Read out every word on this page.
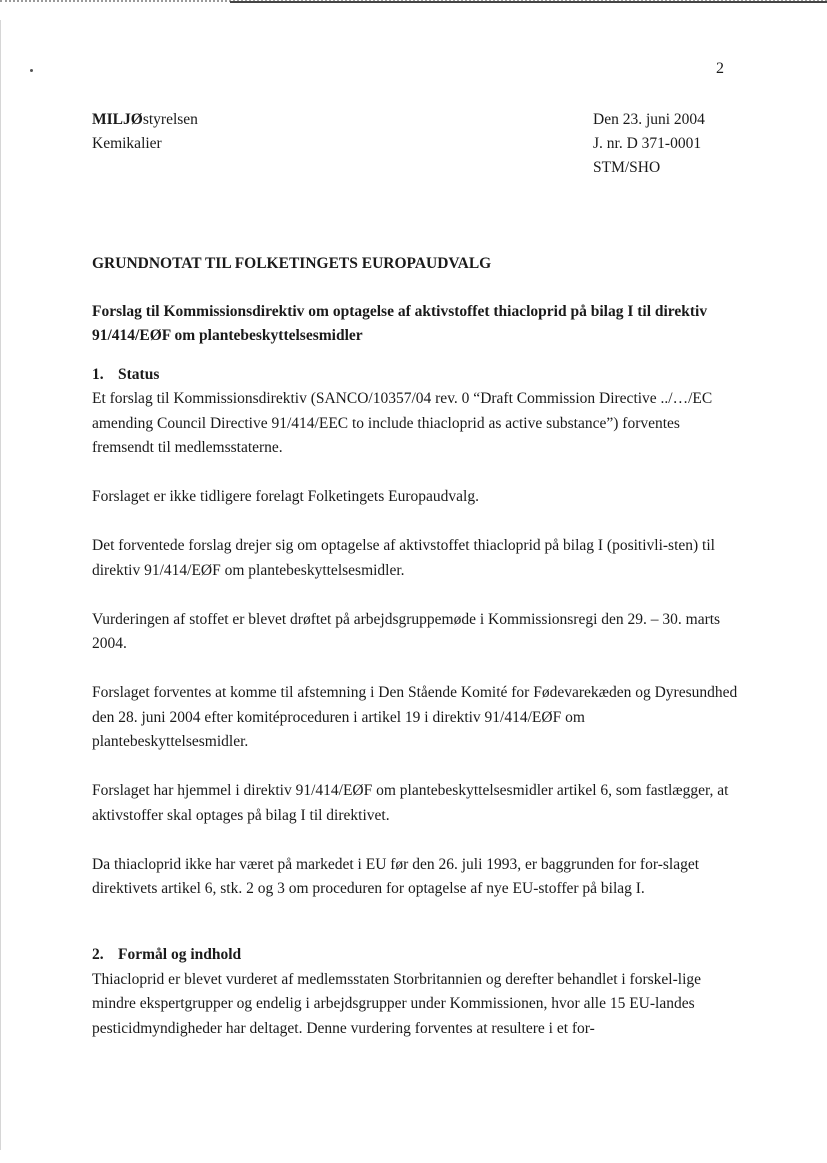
2
MILJØstyrelsen
Kemikalier
Den 23. juni 2004
J. nr. D 371-0001
STM/SHO
GRUNDNOTAT TIL FOLKETINGETS EUROPAUDVALG
Forslag til Kommissionsdirektiv om optagelse af aktivstoffet thiacloprid på bilag I til direktiv 91/414/EØF om plantebeskyttelsesmidler
1. Status

Et forslag til Kommissionsdirektiv (SANCO/10357/04 rev. 0 “Draft Commission Directive ../…/EC amending Council Directive 91/414/EEC to include thiacloprid as active substance”) forventes fremsendt til medlemsstaterne.

Forslaget er ikke tidligere forelagt Folketingets Europaudvalg.

Det forventede forslag drejer sig om optagelse af aktivstoffet thiacloprid på bilag I (positivli-sten) til direktiv 91/414/EØF om plantebeskyttelsesmidler.

Vurderingen af stoffet er blevet drøftet på arbejdsgruppemøde i Kommissionsregi den 29. – 30. marts 2004.

Forslaget forventes at komme til afstemning i Den Stående Komité for Fødevarekæden og Dyresundhed den 28. juni 2004 efter komitéproceduren i artikel 19 i direktiv 91/414/EØF om plantebeskyttelsesmidler.

Forslaget har hjemmel i direktiv 91/414/EØF om plantebeskyttelsesmidler artikel 6, som fastlægger, at aktivstoffer skal optages på bilag I til direktivet.

Da thiacloprid ikke har været på markedet i EU før den 26. juli 1993, er baggrunden for for-slaget direktivets artikel 6, stk. 2 og 3 om proceduren for optagelse af nye EU-stoffer på bilag I.

2. Formål og indhold

Thiacloprid er blevet vurderet af medlemsstaten Storbritannien og derefter behandlet i forskel-lige mindre ekspertgrupper og endelig i arbejdsgrupper under Kommissionen, hvor alle 15 EU-landes pesticidmyndigheder har deltaget. Denne vurdering forventes at resultere i et for-
